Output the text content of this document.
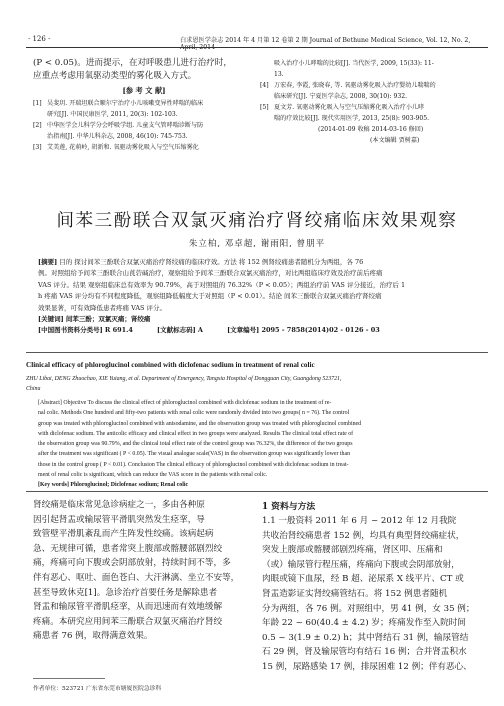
· 126 ·	白求恩医学杂志 2014 年 4 月第 12 卷第 2 期 Journal of Bethune Medical Science, Vol. 12, No. 2, April, 2014
(P < 0.05)。进而提示，在对呼吸患儿进行治疗时，
应重点考虑用氧驱动类型的雾化吸入方式。
[参 考 文 献]
[1] 吴斐玥. 开瑞坦联合顺尔宁治疗小儿咳嗽变异性哮喘的临床
研究[J]. 中国民康医学, 2011, 20(3): 102-103.
[2] 中华医学会儿科学分会呼吸学组. 儿童支气管哮喘诊断与防
治指南[J]. 中华儿科杂志, 2008, 46(10): 745-753.
[3] 艾美莲, 花萌岭, 胡新和. 氧驱动雾化吸入与空气压缩雾化
吸入治疗小儿哮喘的比较[J]. 当代医学, 2009, 15(33): 11-
13.
[4] 万宏春, 李霞, 张晓春, 等. 氧驱动雾化吸入治疗婴幼儿喘喘的
临床研究[J]. 宁夏医学杂志, 2008, 30(10): 932.
[5] 夏文芳. 氧驱动雾化吸入与空气压缩雾化吸入治疗小儿哮
喘的疗效比较[J]. 现代实用医学, 2013, 25(8): 903-905.
(2014-01-09 收稿 2014-03-16 修回)
(本文编辑 贾树嘉)
间苯三酚联合双氯灭痛治疗肾绞痛临床效果观察
朱立柏, 邓卓超, 谢雨阳, 曾朋平
[摘要] 目的 探讨间苯三酚联合双氯灭痛治疗肾绞痛的临床疗效。方法 将 152 例肾绞痛患者随机分为两组，各 76
例。对照组给予间苯三酚联合山莨菪碱治疗，观察组给予间苯三酚联合双氯灭痛治疗，对比两组临床疗效及治疗前后疼痛
VAS 评分。结果 观察组临床总有效率为 90.79%，高于对照组的 76.32%（P < 0.05）；两组治疗前 VAS 评分接近，治疗后 1
h 疼痛 VAS 评分均有不同程度降低，观察组降低幅度大于对照组（P < 0.01）。结论 间苯三酚联合双氯灭痛治疗肾绞痛
效果显著，可有效降低患者疼痛 VAS 评分。
[关键词] 间苯三酚；双氯灭痛；肾绞痛
[中国图书资料分类号] R 691.4	[文献标志码] A	[文章编号] 2095 - 7858(2014)02 - 0126 - 03
Clinical efficacy of phloroglucinol combined with diclofenac sodium in treatment of renal colic
ZHU Libai, DENG Zhuochao, XIE Yuiang, et al. Department of Emergency, Tangxia Hospital of Dongguan City, Guangdong 523721,
China
[Abstract] Objective To discuss the clinical effect of phloroglucinol combined with diclofenac sodium in the treatment of re-
nal colic. Methods One hundred and fifty-two patients with renal colic were randomly divided into two groups( n = 76). The control
group was treated with phloroglucinol combined with anisodamine, and the observation group was treated with phloroglucinol combined
with diclofenac sodium. The anticolic efficacy and clinical effect in two groups were analyzed. Results The clinical total effect rate of
the observation group was 90.79%, and the clinical total effect rate of the control group was 76.32%, the difference of the two groups
after the treatment was significant ( P < 0.05). The visual analogue scale(VAS) in the observation group was significantly lower than
those in the control group ( P < 0.01). Conclusion The clinical efficacy of phloroglucinol combined with diclofenac sodium in treat-
ment of renal colic is significant, which can reduce the VAS score in the patients with renal colic.
[Key words] Phloroglucinol; Diclofenac sodium; Renal colic
肾绞痛是临床常见急诊病症之一，多由各种原
因引起肾盂或输尿管平滑肌突然发生痉挛，导
致管壁平滑肌紊乱而产生阵发性绞痛。该病起病
急、无规律可循，患者常突上腹部或髂腰部剧烈绞
痛，疼痛可向下腹或会阴部放射，持续时间不等，多
伴有恶心、呕吐、面色苍白、大汗淋漓、坐立不安等，
甚至导致休克[1]。急诊治疗首要任务是解除患者
肾盂和输尿管平滑肌痉挛，从而迅速而有效地缓解
疼痛。本研究应用间苯三酚联合双氯灭痛治疗肾绞
痛患者 76 例，取得满意效果。
作者单位：523721 广东省东莞市塘厦医院急诊科
1 资料与方法
1.1 一般资料 2011 年 6 月 ~ 2012 年 12 月我院
共收治肾绞痛患者 152 例，均具有典型肾绞痛症状，
突发上腹部或髂腰部剧烈疼痛，肾区叩、压痛和
（或）输尿管行程压痛，疼痛向下腹或会阴部放射，
肉眼或镜下血尿，经 B 超、泌尿系 X 线平片、CT 或
肾盂造影证实肾绞痛管结石。将 152 例患者随机
分为两组，各 76 例。对照组中，男 41 例，女 35 例；
年龄 22 ~ 60(40.4 ± 4.2) 岁；疼痛发作至入院时间
0.5 ~ 3(1.9 ± 0.2) h；其中肾结石 31 例，输尿管结
石 29 例，肾及输尿管均有结石 16 例；合并肾盂积水
15 例，尿路感染 17 例，排尿困难 12 例；伴有恶心、
